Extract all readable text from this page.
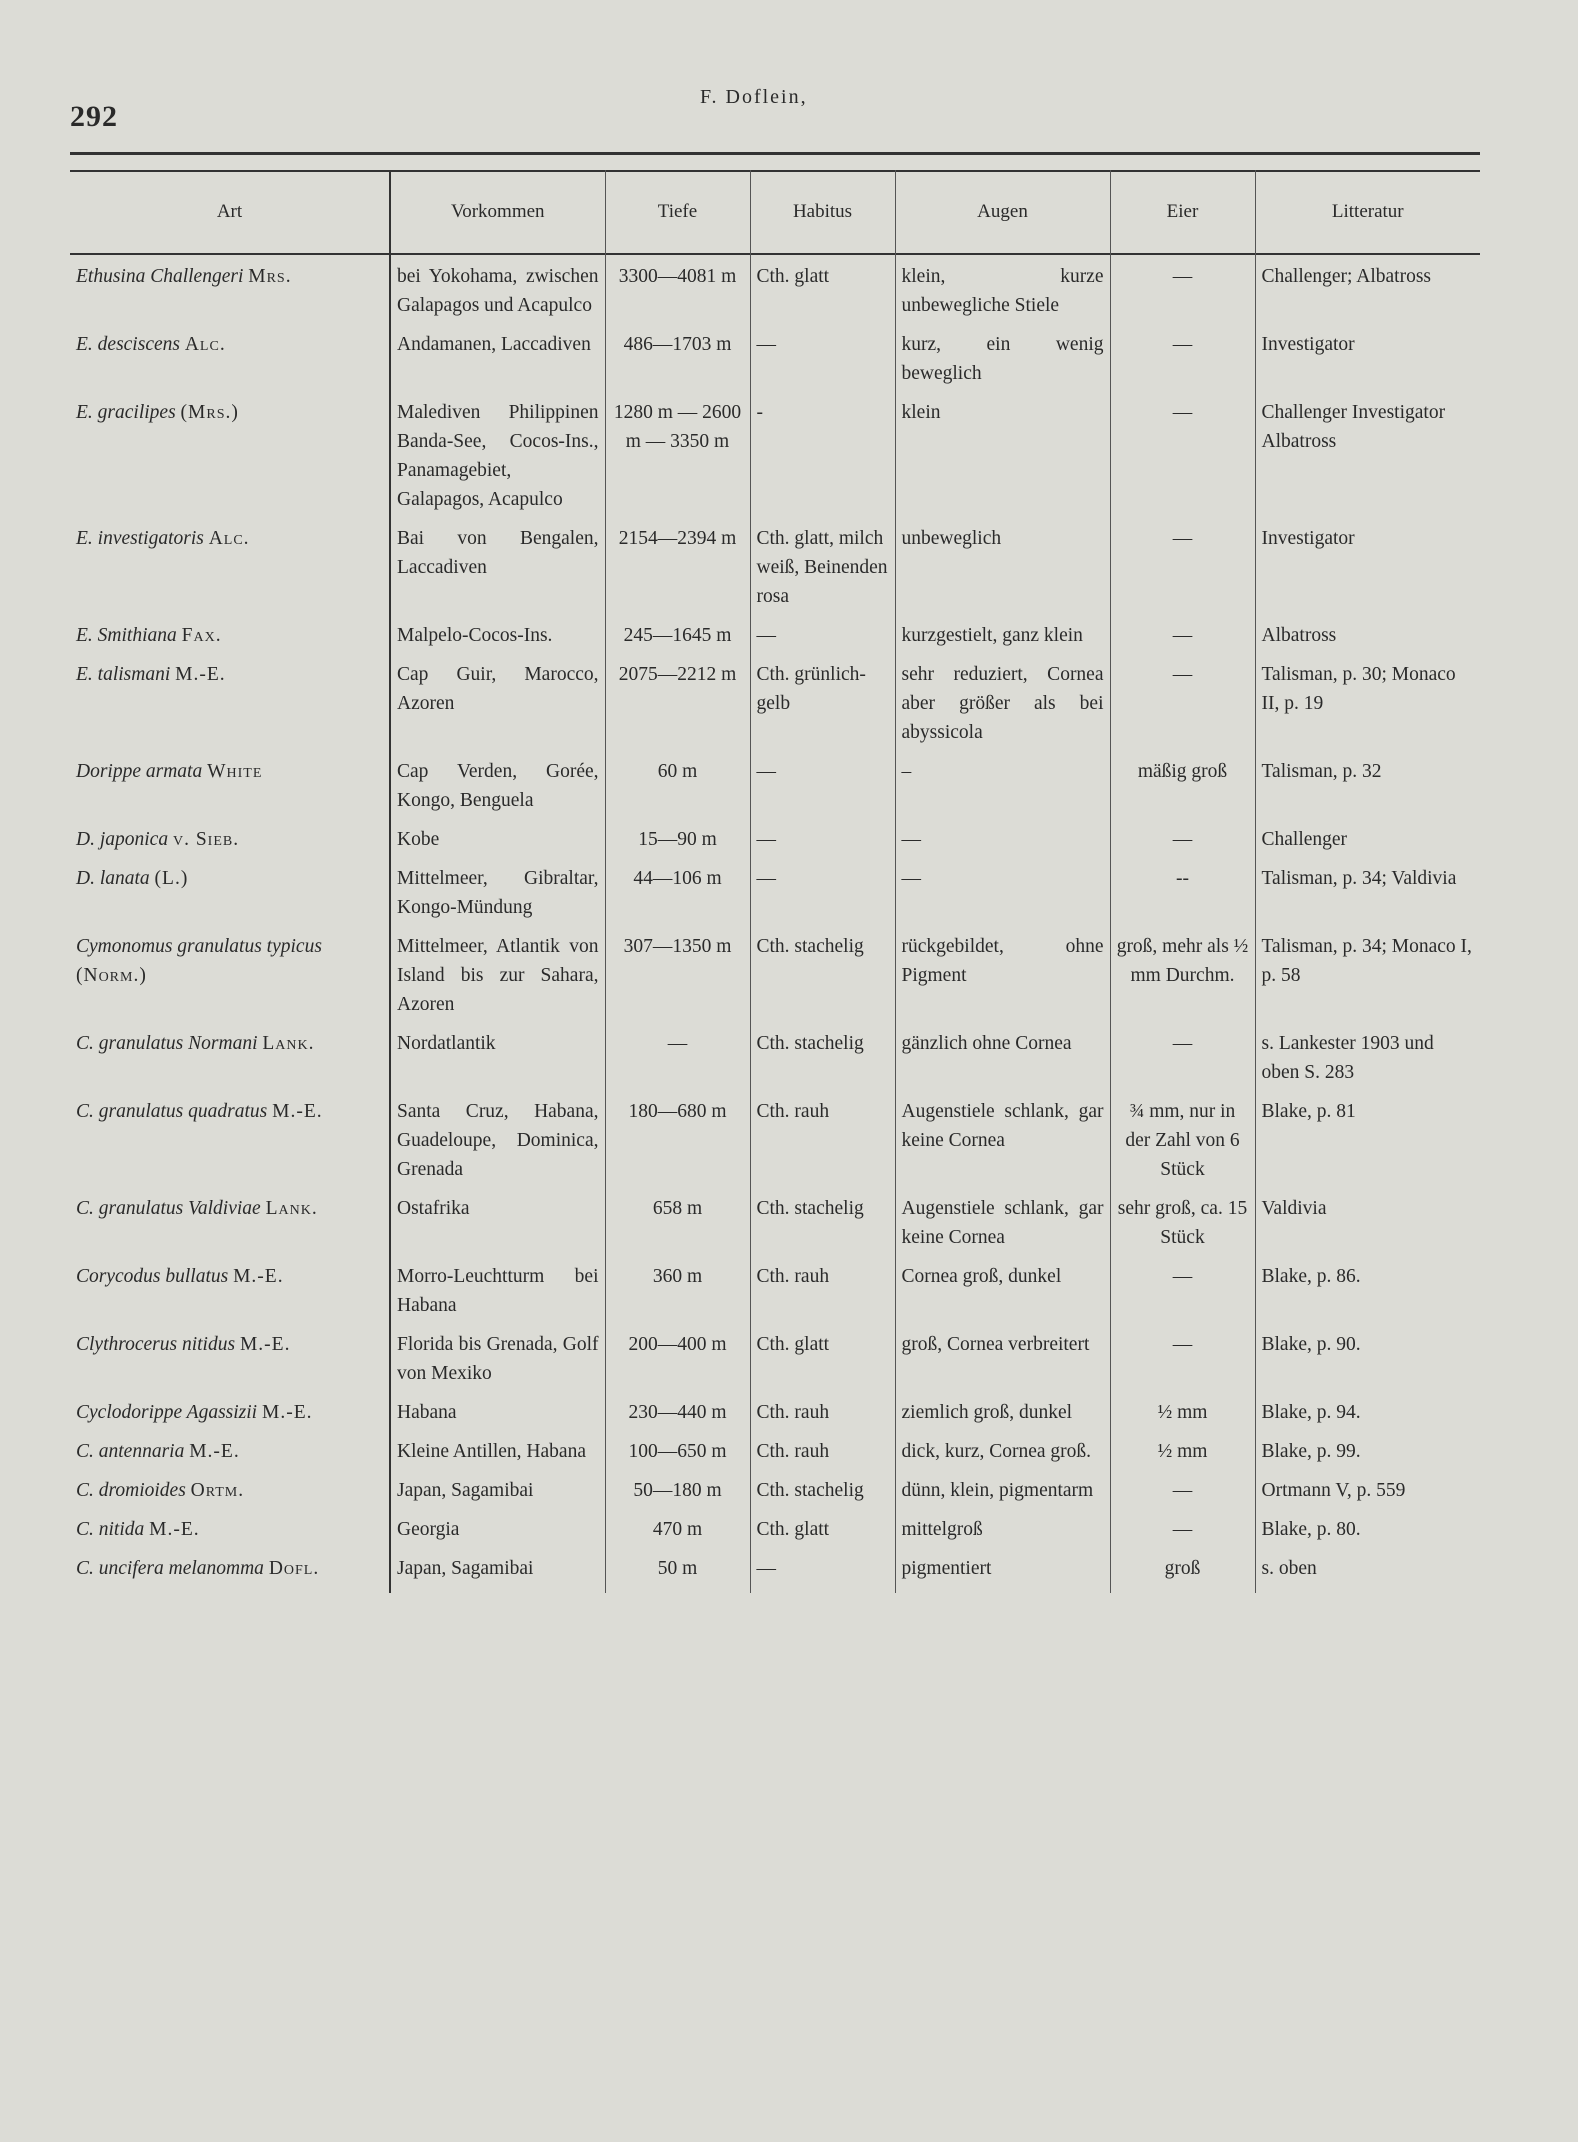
292
F. Doflein,
Art	Vorkommen	Tiefe	Habitus	Augen	Eier	Litteratur
Ethusina Challengeri Mrs.	bei Yokohama, zwischen Galapagos und Acapulco	3300—4081 m	Cth. glatt	klein, kurze unbewegliche Stiele	—	Challenger; Albatross
E. desciscens Alc.	Andamanen, Laccadiven	486—1703 m	—	kurz, ein wenig beweglich	—	Investigator
E. gracilipes (Mrs.)	Malediven Philippinen Banda-See, Cocos-Ins., Panamagebiet, Galapagos, Acapulco	1280 m — 2600 m — 3350 m	-	klein	—	Challenger Investigator Albatross
E. investigatoris Alc.	Bai von Bengalen, Laccadiven	2154—2394 m	Cth. glatt, milch weiß, Beinenden rosa	unbeweglich	—	Investigator
E. Smithiana Fax.	Malpelo-Cocos-Ins.	245—1645 m	—	kurzgestielt, ganz klein	—	Albatross
E. talismani M.-E.	Cap Guir, Marocco, Azoren	2075—2212 m	Cth. grünlich-gelb	sehr reduziert, Cornea aber größer als bei abyssicola	—	Talisman, p. 30; Monaco II, p. 19
Dorippe armata White	Cap Verden, Gorée, Kongo, Benguela	60 m	—	–	mäßig groß	Talisman, p. 32
D. japonica v. Sieb.	Kobe	15—90 m	—	—	—	Challenger
D. lanata (L.)	Mittelmeer, Gibraltar, Kongo-Mündung	44—106 m	—	—	--	Talisman, p. 34; Valdivia
Cymonomus granulatus typicus (Norm.)	Mittelmeer, Atlantik von Island bis zur Sahara, Azoren	307—1350 m	Cth. stachelig	rückgebildet, ohne Pigment	groß, mehr als ½ mm Durchm.	Talisman, p. 34; Monaco I, p. 58
C. granulatus Normani Lank.	Nordatlantik	—	Cth. stachelig	gänzlich ohne Cornea	—	s. Lankester 1903 und oben S. 283
C. granulatus quadratus M.-E.	Santa Cruz, Habana, Guadeloupe, Dominica, Grenada	180—680 m	Cth. rauh	Augenstiele schlank, gar keine Cornea	¾ mm, nur in der Zahl von 6 Stück	Blake, p. 81
C. granulatus Valdiviae Lank.	Ostafrika	658 m	Cth. stachelig	Augenstiele schlank, gar keine Cornea	sehr groß, ca. 15 Stück	Valdivia
Corycodus bullatus M.-E.	Morro-Leuchtturm bei Habana	360 m	Cth. rauh	Cornea groß, dunkel	—	Blake, p. 86.
Clythrocerus nitidus M.-E.	Florida bis Grenada, Golf von Mexiko	200—400 m	Cth. glatt	groß, Cornea verbreitert	—	Blake, p. 90.
Cyclodorippe Agassizii M.-E.	Habana	230—440 m	Cth. rauh	ziemlich groß, dunkel	½ mm	Blake, p. 94.
C. antennaria M.-E.	Kleine Antillen, Habana	100—650 m	Cth. rauh	dick, kurz, Cornea groß.	½ mm	Blake, p. 99.
C. dromioides Ortm.	Japan, Sagamibai	50—180 m	Cth. stachelig	dünn, klein, pigmentarm	—	Ortmann V, p. 559
C. nitida M.-E.	Georgia	470 m	Cth. glatt	mittelgroß	—	Blake, p. 80.
C. uncifera melanomma Dofl.	Japan, Sagamibai	50 m	—	pigmentiert	groß	s. oben
